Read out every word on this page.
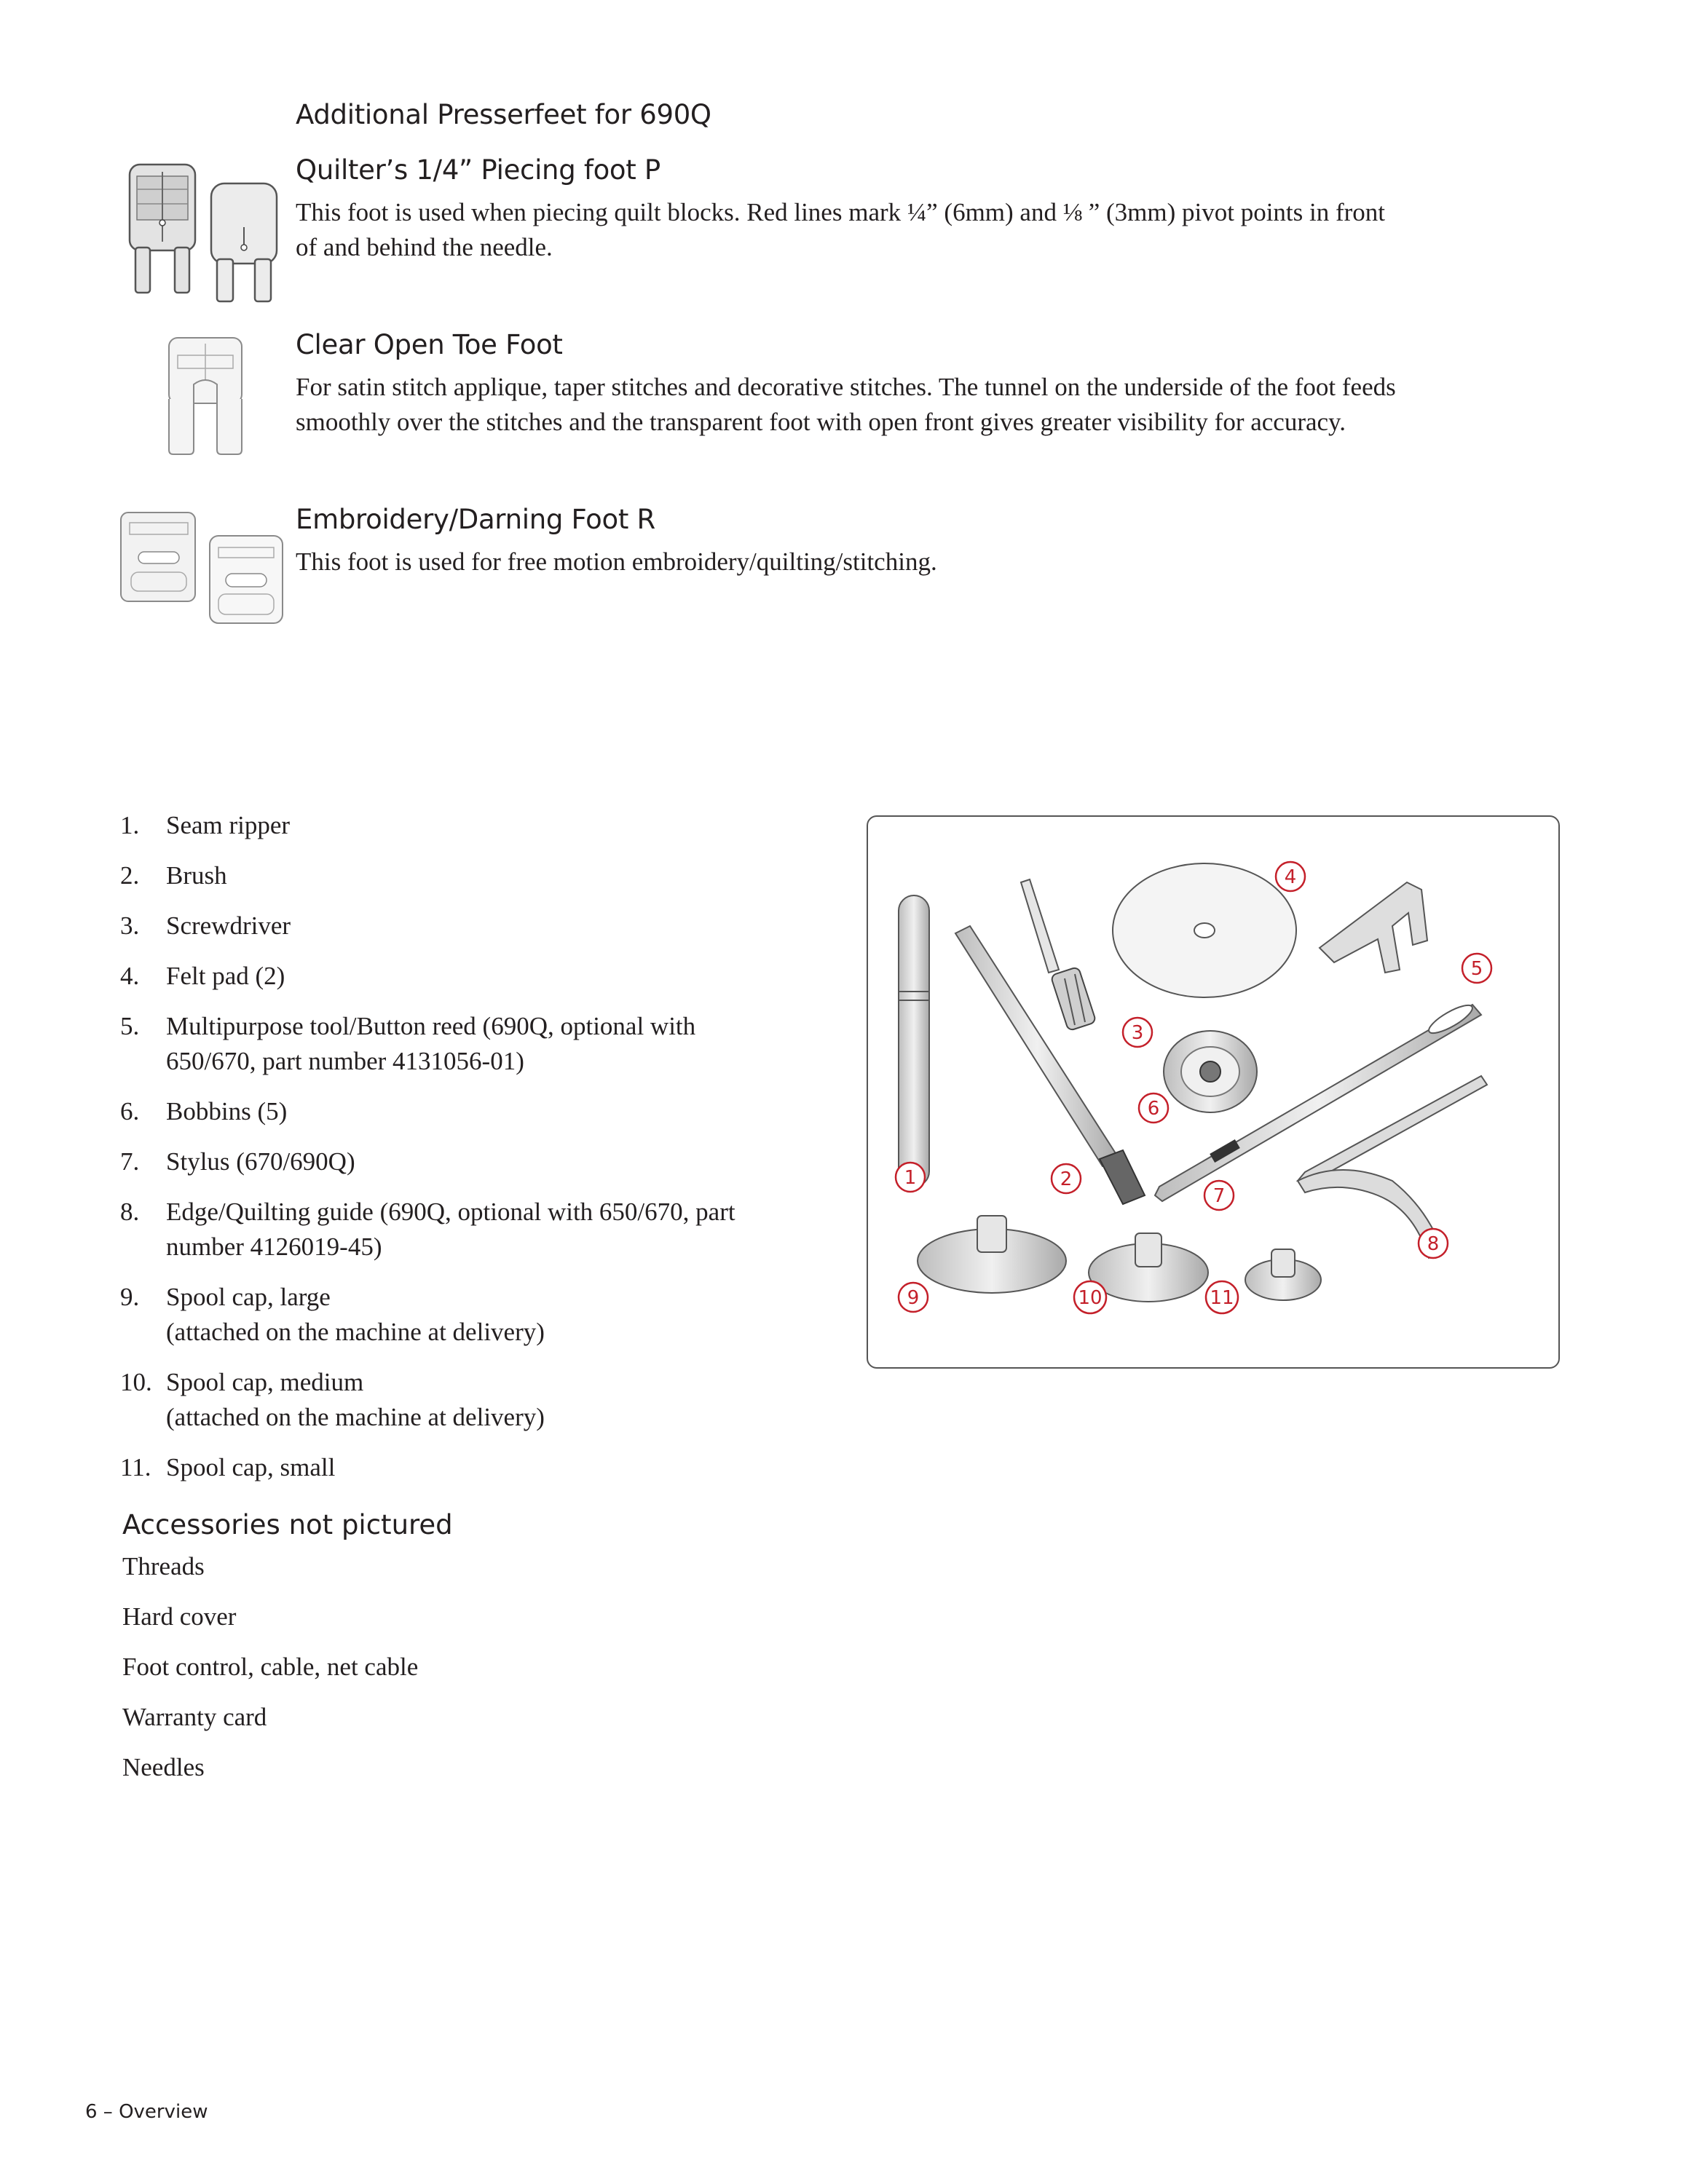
Additional Presserfeet for 690Q
Quilter’s 1/4” Piecing foot P
This foot is used when piecing quilt blocks. Red lines mark ¼” (6mm) and ⅛ ” (3mm) pivot points in front
of and behind the needle.
Clear Open Toe Foot
For satin stitch applique, taper stitches and decorative stitches. The tunnel on the underside of the foot feeds
smoothly over the stitches and the transparent foot with open front gives greater visibility for accuracy.
Embroidery/Darning Foot R
This foot is used for free motion embroidery/quilting/stitching.
1. Seam ripper
2. Brush
3. Screwdriver
4. Felt pad (2)
5. Multipurpose tool/Button reed (690Q, optional with
650/670, part number 4131056-01)
6. Bobbins (5)
7. Stylus (670/690Q)
8. Edge/Quilting guide (690Q, optional with 650/670, part
number 4126019-45)
9. Spool cap, large
(attached on the machine at delivery)
10. Spool cap, medium
(attached on the machine at delivery)
11. Spool cap, small
1	2
3
4
5
6
7
8
9	10	11
Accessories not pictured
Threads
Hard cover
Foot control, cable, net cable
Warranty card
Needles
6 – Overview
